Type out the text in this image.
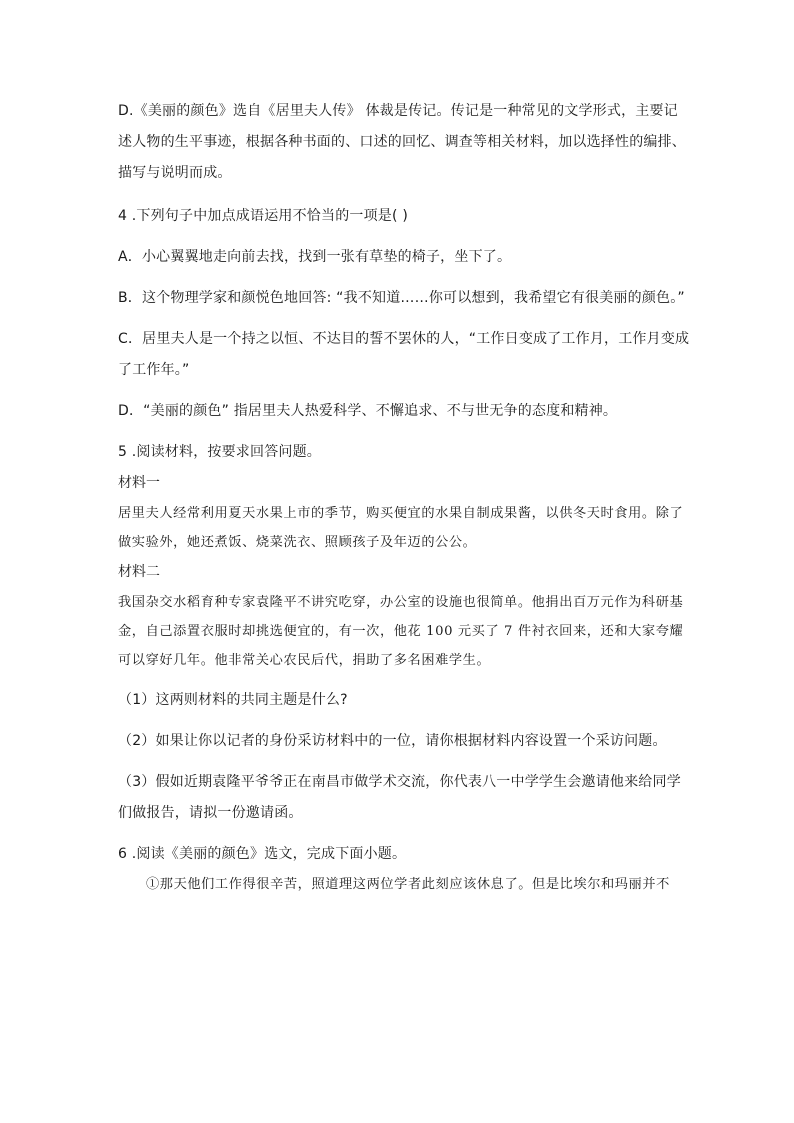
D.《美丽的颜色》选自《居里夫人传》 体裁是传记。传记是一种常见的文学形式，主要记述人物的生平事迹，根据各种书面的、口述的回忆、调查等相关材料，加以选择性的编排、描写与说明而成。

4 .下列句子中加点成语运用不恰当的一项是( )

A．小心翼翼地走向前去找，找到一张有草垫的椅子，坐下了。

B．这个物理学家和颜悦色地回答: “我不知道……你可以想到，我希望它有很美丽的颜色。”

C．居里夫人是一个持之以恒、不达目的誓不罢休的人，“工作日变成了工作月，工作月变成了工作年。”

D．“美丽的颜色” 指居里夫人热爱科学、不懈追求、不与世无争的态度和精神。

5 .阅读材料，按要求回答问题。

材料一

居里夫人经常利用夏天水果上市的季节，购买便宜的水果自制成果酱，以供冬天时食用。除了做实验外，她还煮饭、烧菜洗衣、照顾孩子及年迈的公公。

材料二

我国杂交水稻育种专家袁隆平不讲究吃穿，办公室的设施也很简单。他捐出百万元作为科研基金，自己添置衣服时却挑选便宜的，有一次，他花 100 元买了 7 件衬衣回来，还和大家夸耀可以穿好几年。他非常关心农民后代，捐助了多名困难学生。

（1）这两则材料的共同主题是什么?

（2）如果让你以记者的身份采访材料中的一位，请你根据材料内容设置一个采访问题。

（3）假如近期袁隆平爷爷正在南昌市做学术交流，你代表八一中学学生会邀请他来给同学们做报告，请拟一份邀请函。

6 .阅读《美丽的颜色》选文，完成下面小题。

①那天他们工作得很辛苦，照道理这两位学者此刻应该休息了。但是比埃尔和玛丽并不
